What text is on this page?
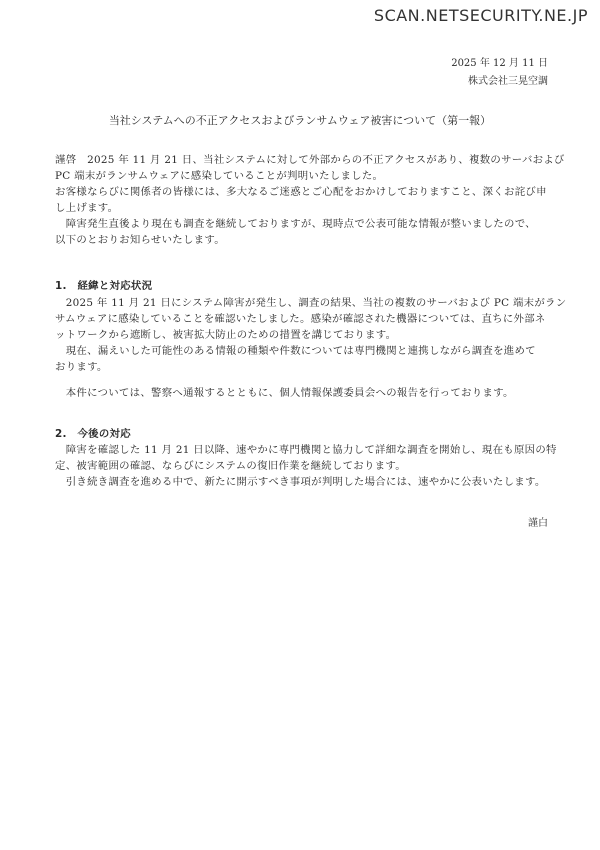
SCAN.NETSECURITY.NE.JP
2025 年 12 月 11 日
株式会社三晃空調
当社システムへの不正アクセスおよびランサムウェア被害について（第一報）
謹啓　2025 年 11 月 21 日、当社システムに対して外部からの不正アクセスがあり、複数のサーバおよび
PC 端末がランサムウェアに感染していることが判明いたしました。
お客様ならびに関係者の皆様には、多大なるご迷惑とご心配をおかけしておりますこと、深くお詫び申
し上げます。
　障害発生直後より現在も調査を継続しておりますが、現時点で公表可能な情報が整いましたので、
以下のとおりお知らせいたします。
1.　経緯と対応状況
　2025 年 11 月 21 日にシステム障害が発生し、調査の結果、当社の複数のサーバおよび PC 端末がラン
サムウェアに感染していることを確認いたしました。感染が確認された機器については、直ちに外部ネ
ットワークから遮断し、被害拡大防止のための措置を講じております。
　現在、漏えいした可能性のある情報の種類や件数については専門機関と連携しながら調査を進めて
おります。
　本件については、警察へ通報するとともに、個人情報保護委員会への報告を行っております。
2.　今後の対応
　障害を確認した 11 月 21 日以降、速やかに専門機関と協力して詳細な調査を開始し、現在も原因の特
定、被害範囲の確認、ならびにシステムの復旧作業を継続しております。
　引き続き調査を進める中で、新たに開示すべき事項が判明した場合には、速やかに公表いたします。
謹白
